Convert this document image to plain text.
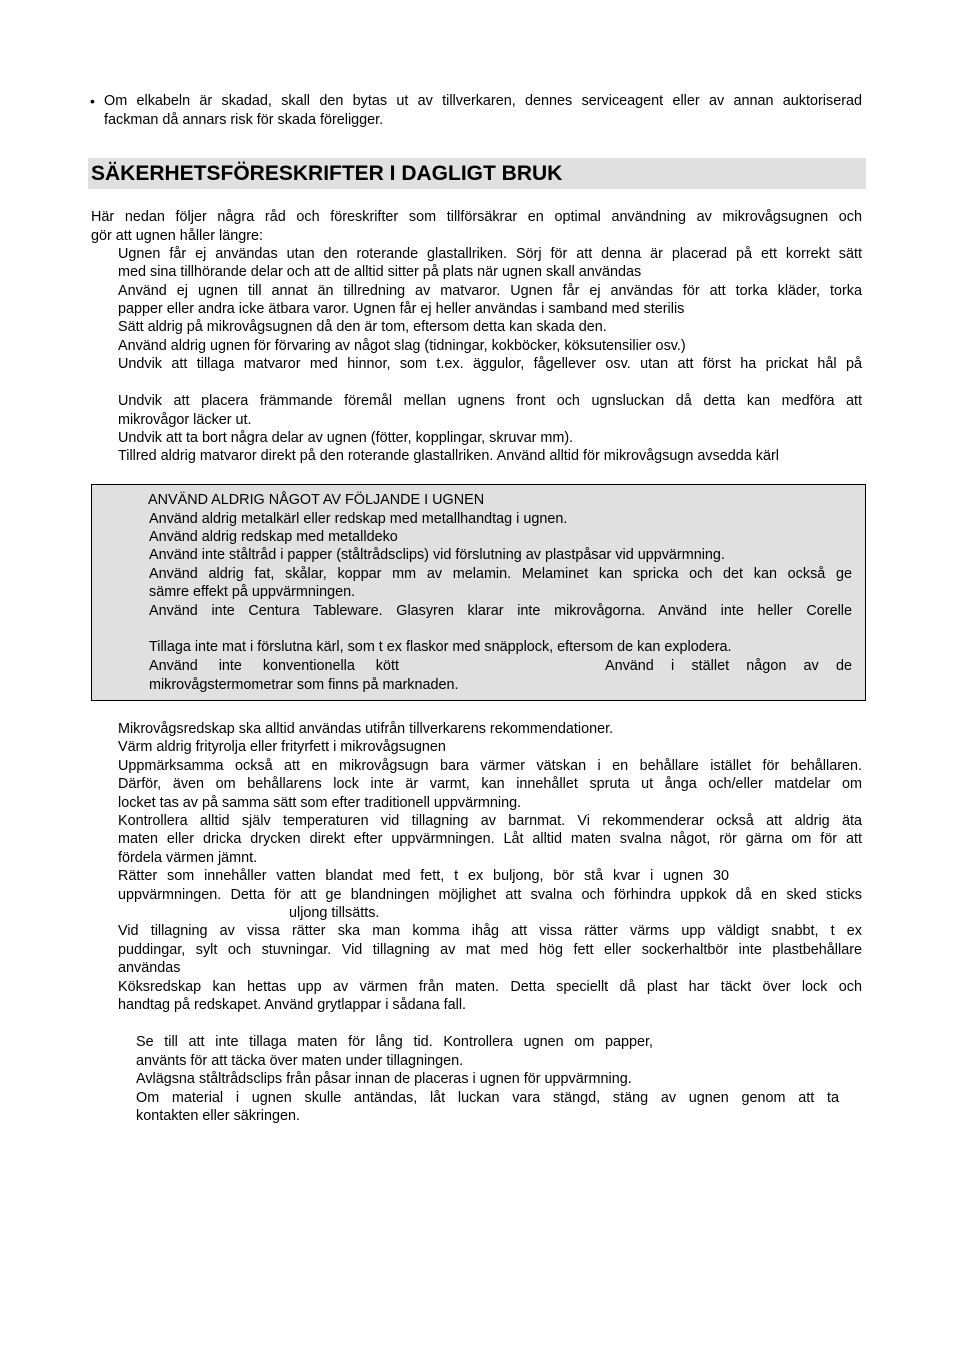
• Om elkabeln är skadad, skall den bytas ut av tillverkaren, dennes serviceagent eller av annan auktoriserad
fackman då annars risk för skada föreligger.
SÄKERHETSFÖRESKRIFTER I DAGLIGT BRUK
Här nedan följer några råd och föreskrifter som tillförsäkrar en optimal användning av mikrovågsugnen och
gör att ugnen håller längre:
Ugnen får ej användas utan den roterande glastallriken. Sörj för att denna är placerad på ett korrekt sätt
med sina tillhörande delar och att de alltid sitter på plats när ugnen skall användas
Använd ej ugnen till annat än tillredning av matvaror. Ugnen får ej användas för att torka kläder, torka
papper eller andra icke ätbara varor. Ugnen får ej heller användas i samband med sterilis
Sätt aldrig på mikrovågsugnen då den är tom, eftersom detta kan skada den.
Använd aldrig ugnen för förvaring av något slag (tidningar, kokböcker, köksutensilier osv.)
Undvik att tillaga matvaror med hinnor, som t.ex. äggulor, fågellever osv. utan att först ha prickat hål på
Undvik att placera främmande föremål mellan ugnens front och ugnsluckan då detta kan medföra att
mikrovågor läcker ut.
Undvik att ta bort några delar av ugnen (fötter, kopplingar, skruvar mm).
Tillred aldrig matvaror direkt på den roterande glastallriken. Använd alltid för mikrovågsugn avsedda kärl
ANVÄND ALDRIG NÅGOT AV FÖLJANDE I UGNEN
Använd aldrig metalkärl eller redskap med metallhandtag i ugnen.
Använd aldrig redskap med metalldeko
Använd inte ståltråd i papper (ståltrådsclips) vid förslutning av plastpåsar vid uppvärmning.
Använd aldrig fat, skålar, koppar mm av melamin. Melaminet kan spricka och det kan också ge
sämre effekt på uppvärmningen.
Använd inte Centura Tableware. Glasyren klarar inte mikrovågorna. Använd inte heller Corelle
Tillaga inte mat i förslutna kärl, som t ex flaskor med snäpplock, eftersom de kan explodera.
Använd inte konventionella kött	Använd i stället någon av de
mikrovågstermometrar som finns på marknaden.
Mikrovågsredskap ska alltid användas utifrån tillverkarens rekommendationer.
Värm aldrig frityrolja eller frityrfett i mikrovågsugnen
Uppmärksamma också att en mikrovågsugn bara värmer vätskan i en behållare istället för behållaren.
Därför, även om behållarens lock inte är varmt, kan innehållet spruta ut ånga och/eller matdelar om
locket tas av på samma sätt som efter traditionell uppvärmning.
Kontrollera alltid själv temperaturen vid tillagning av barnmat. Vi rekommenderar också att aldrig äta
maten eller dricka drycken direkt efter uppvärmningen. Låt alltid maten svalna något, rör gärna om för att
fördela värmen jämnt.
Rätter som innehåller vatten blandat med fett, t ex buljong, bör stå kvar i ugnen 30
uppvärmningen. Detta för att ge blandningen möjlighet att svalna och förhindra uppkok då en sked sticks
uljong tillsätts.
Vid tillagning av vissa rätter ska man komma ihåg att vissa rätter värms upp väldigt snabbt, t ex
puddingar, sylt och stuvningar. Vid tillagning av mat med hög fett eller sockerhaltbör inte plastbehållare
användas
Köksredskap kan hettas upp av värmen från maten. Detta speciellt då plast har täckt över lock och
handtag på redskapet. Använd grytlappar i sådana fall.
Se till att inte tillaga maten för lång tid. Kontrollera ugnen om papper,
använts för att täcka över maten under tillagningen.
Avlägsna ståltrådsclips från påsar innan de placeras i ugnen för uppvärmning.
Om material i ugnen skulle antändas, låt luckan vara stängd, stäng av ugnen genom att ta
kontakten eller säkringen.
